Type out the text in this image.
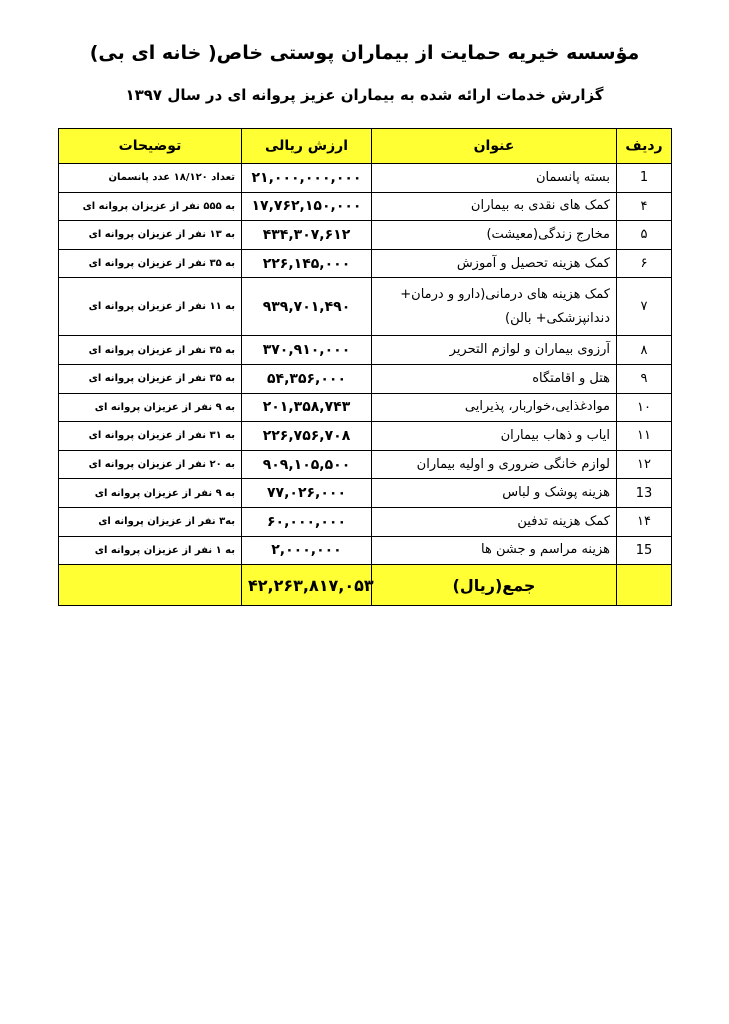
مؤسسه خیریه حمایت از بیماران پوستی خاص( خانه ای بی)
گزارش خدمات ارائه شده به بیماران عزیز پروانه ای در سال ۱۳۹۷
ردیف	عنوان	ارزش ریالی	توضیحات
1	بسته پانسمان	۲۱,۰۰۰,۰۰۰,۰۰۰	تعداد ۱۸/۱۲۰ عدد پانسمان
۴	کمک های نقدی به بیماران	۱۷,۷۶۲,۱۵۰,۰۰۰	به ۵۵۵ نفر از عزیزان پروانه ای
۵	مخارج زندگی(معیشت)	۴۳۴,۳۰۷,۶۱۲	به ۱۳ نفر از عزیزان پروانه ای
۶	کمک هزینه تحصیل و آموزش	۲۲۶,۱۴۵,۰۰۰	به ۳۵ نفر از عزیزان پروانه ای
۷	کمک هزینه های درمانی(دارو و درمان+ دندانپزشکی+ بالن)	۹۳۹,۷۰۱,۴۹۰	به ۱۱ نفر از عزیزان پروانه ای
۸	آرزوی بیماران و لوازم التحریر	۳۷۰,۹۱۰,۰۰۰	به ۳۵ نفر از عزیزان پروانه ای
۹	هتل و اقامتگاه	۵۴,۳۵۶,۰۰۰	به ۳۵ نفر از عزیزان پروانه ای
۱۰	موادغذایی،خواربار، پذیرایی	۲۰۱,۳۵۸,۷۴۳	به ۹ نفر از عزیزان پروانه ای
۱۱	ایاب و ذهاب بیماران	۲۲۶,۷۵۶,۷۰۸	به ۳۱ نفر از عزیزان پروانه ای
۱۲	لوازم خانگی ضروری و اولیه بیماران	۹۰۹,۱۰۵,۵۰۰	به ۲۰ نفر از عزیزان پروانه ای
13	هزینه پوشک و لباس	۷۷,۰۲۶,۰۰۰	به ۹ نفر از عزیزان پروانه ای
۱۴	کمک هزینه تدفین	۶۰,۰۰۰,۰۰۰	به۳ نفر از عزیزان پروانه ای
15	هزینه مراسم و جشن ها	۲,۰۰۰,۰۰۰	به ۱ نفر از عزیزان پروانه ای
	جمع(ریال)	۴۲,۲۶۳,۸۱۷,۰۵۳	
